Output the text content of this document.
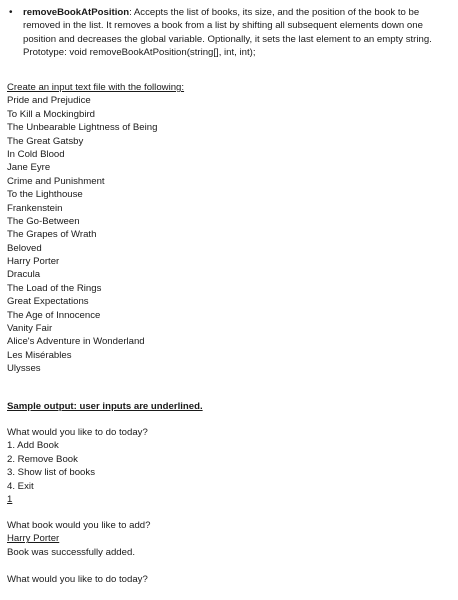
• removeBookAtPosition: Accepts the list of books, its size, and the position of the book to be removed in the list. It removes a book from a list by shifting all subsequent elements down one position and decreases the global variable. Optionally, it sets the last element to an empty string. Prototype: void removeBookAtPosition(string[], int, int);
Create an input text file with the following:
Pride and Prejudice
To Kill a Mockingbird
The Unbearable Lightness of Being
The Great Gatsby
In Cold Blood
Jane Eyre
Crime and Punishment
To the Lighthouse
Frankenstein
The Go-Between
The Grapes of Wrath
Beloved
Harry Porter
Dracula
The Load of the Rings
Great Expectations
The Age of Innocence
Vanity Fair
Alice's Adventure in Wonderland
Les Misérables
Ulysses
Sample output: user inputs are underlined.
What would you like to do today?
1. Add Book
2. Remove Book
3. Show list of books
4. Exit
1
What book would you like to add?
Harry Porter
Book was successfully added.
What would you like to do today?
